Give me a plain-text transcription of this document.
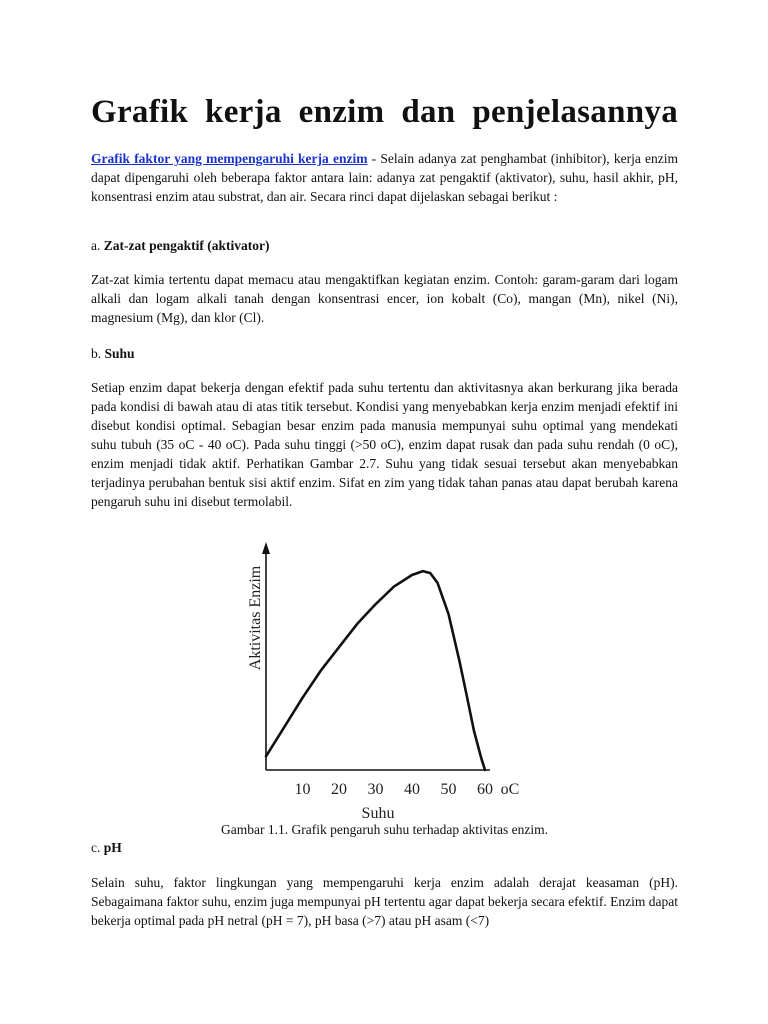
Grafik kerja enzim dan penjelasannya

Grafik faktor yang mempengaruhi kerja enzim - Selain adanya zat penghambat (inhibitor), kerja enzim dapat dipengaruhi oleh beberapa faktor antara lain: adanya zat pengaktif (aktivator), suhu, hasil akhir, pH, konsentrasi enzim atau substrat, dan air. Secara rinci dapat dijelaskan sebagai berikut :

a. Zat-zat pengaktif (aktivator)

Zat-zat kimia tertentu dapat memacu atau mengaktifkan kegiatan enzim. Contoh: garam-garam dari logam alkali dan logam alkali tanah dengan konsentrasi encer, ion kobalt (Co), mangan (Mn), nikel (Ni), magnesium (Mg), dan klor (Cl).

b. Suhu

Setiap enzim dapat bekerja dengan efektif pada suhu tertentu dan aktivitasnya akan berkurang jika berada pada kondisi di bawah atau di atas titik tersebut. Kondisi yang menyebabkan kerja enzim menjadi efektif ini disebut kondisi optimal. Sebagian besar enzim pada manusia mempunyai suhu optimal yang mendekati suhu tubuh (35 oC - 40 oC). Pada suhu tinggi (>50 oC), enzim dapat rusak dan pada suhu rendah (0 oC), enzim menjadi tidak aktif. Perhatikan Gambar 2.7. Suhu yang tidak sesuai tersebut akan menyebabkan terjadinya perubahan bentuk sisi aktif enzim. Sifat en zim yang tidak tahan panas atau dapat berubah karena pengaruh suhu ini disebut termolabil.

10 20 30 40 50 60 oC
Suhu
Aktivitas Enzim

Gambar 1.1. Grafik pengaruh suhu terhadap aktivitas enzim.

c. pH

Selain suhu, faktor lingkungan yang mempengaruhi kerja enzim adalah derajat keasaman (pH). Sebagaimana faktor suhu, enzim juga mempunyai pH tertentu agar dapat bekerja secara efektif. Enzim dapat bekerja optimal pada pH netral (pH = 7), pH basa (>7) atau pH asam (<7)
